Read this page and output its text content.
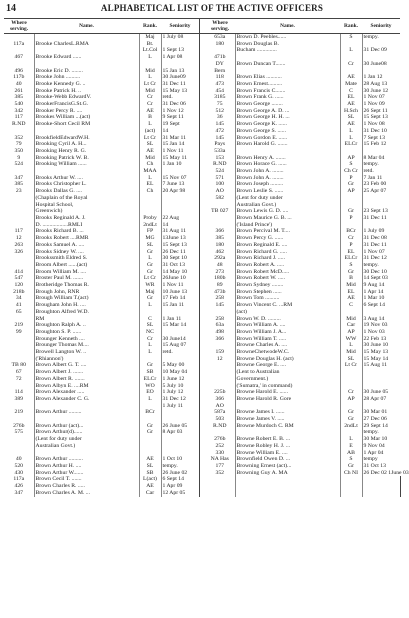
14	ALPHABETICAL LIST OF THE ACTIVE OFFICERS
Where serving.	Name.	Rank.	Seniority		Where serving.	Name.	Rank.	Seniority
		Maj	1 July 08		653a	Brown D. Peebles......	S	tempy.
117a	Brooke CharlesL.RMA	Bt.			180	Brown Douglas B.		
		Lt.Col	1 Sept 13			Bucham ..............	L	31 Dec 09
467	Brooke Edward ......	L	1 Apr 08		471b			
					DY	Brown Duncan T.......	Cr	30 June08
496	Brooke Eric D. ........	Mid	15 Jan 13		Bern			
117b	Brooke John ..........	L	30 June09		118	Brown Elias ...........	AE	1 Jan 12
40	Brooke Kennedy G. ..	Lt Cr	31 Dec 11		473	Brown Ernest..........	Mate	28 Aug 13
261	Brooke Patrick H. ..	Mid	15 May 13		454	Brown Francis C.......	C	30 June 12
385	Brooke-Webb EdwardV.	Cr	retd.		3185	Brown Frank G. ......	EL	1 Nov 07
540	BrookerFrancisG.St.G.	Cr	31 Dec 06		75	Brown George ........	AE	1 Nov 09
342	Brooker Percy R. ....	AE	1 Nov 12		512	Brown George A. D. ...	H.Sch	26 Sept 11
117	Brookes William ...(act)	B	9 Sept 11		36	Brown George H. H. ...	SL	15 Sept 13
R.ND	Brooke-Short Cecil RM	L	19 Sept		145	Brown George K. ......	AE	1 Nov 08
		(act)	14		472	Brown George S. ......	L	31 Dec 10
352	BrookfieldEdwardW.H.	Lt Cr	31 Mar 11		145	Brown Gordon E. ......	L	7 Sept 13
79	Brooking Cyril A. H...	SL	15 Jan 14		Pays	Brown Harold G. .......	ELCr	15 Feb 12
350	Brooking Henry R. G.	AE	1 Nov 11		533a			
9	Brooking Patrick W. B.	Mid	15 May 11		153	Brown Henry A. .......	AP	8 Mar 04
524	Brooking William ......	Ch	1 Jan 10		R.ND	Brown Horace G. ......	S	tempy.
		MAA			524	Brown John A. ........	Ch Cr	retd.
347	Brooks Arthur W. ....	L	15 Nov 07		571	Brown John A. ........	P	7 Jan 11
385	Brooks Christopher L.	EL	7 June 13		100	Brown Joseph .........	Gr	23 Feb 00
23	Brooks Dallas G. ....	Ch	20 Apr 98		AO	Brown Leslie S. ......	AP	25 Apr 07
	(Chaplain of the Royal				582	(Lent for duty under		
	Hospital School,					Australian Govt.)		
	Greenwich)				TB 027	Brown Lewis G. D. ....	Gr	23 Sept 13
	Brooks Reginald A. J.	Proby	22 Aug			Brown Maurice G. B. ...	P	31 Dec 11
	D. ..................RMLI	2ndLt	14			('Island Prince')		
117	Brooks Richard B. ...	FP	31 Aug 11		366	Brown Percival M. T....	BCr	1 July 09
12	Brooks Robert ....RMR	MG	13June 13		385	Brown Percy G. ......	Cr	31 Dec 08
263	Brooks Samuel A. ....	SL	15 Sept 13		180	Brown Reginald E. ....	P	31 Dec 11
326	Brooks Sidney W. ....	Gr	26 Dec 11		462	Brown Richard G. .....	EL	1 Nov 07
	Brookssmith Eldred S.	L	30 Sept 10		292a	Brown Richard J. .....	ELCr	31 Dec 12
	Broom Albert ......(act)	Gr	31 Oct 13		48	Brown Robert A. .....	S	tempy.
414	Broom William M. ....	Gr	14 May 10		273	Brown Robert McD.....	Gr	30 Dec 10
547	Broster Paul M. .......	Lt Cr	26June 10		180b	Brown Robert W. .....	B	14 Sept 03
120	Brotheridge Thomas R.	WR	1 Nov 11		89	Brown Sydney ........	Mid	9 Aug 14
218b	Brough John, RNR	Maj	10 June 13		473b	Brown Stephen ......	EL	1 Apr 14
34	Brough William T.(act)	Gr	17 Feb 14		258	Brown Tom ..........	AE	1 Mar 10
41	Brougham John H. ....	L	15 Jan 11		145	Brown Vincent C. ...RM	C	6 Sept 14
65	Broughton Alfred W.D.					(act)		
	RM	C	1 Jan 11		258	Brown W. D. .........	Mid	3 Aug 14
219	Broughton Ralph A. ..	SL	15 Mar 14		63a	Brown William A. ....	Car	19 Nov 03
99	Broughton S. P. ......	NC			498	Brown William J. A...	AP	1 Nov 03
	Brounger Kenneth ....	Cr	30 June14		366	Brown William T. .....	WW	22 Feb 13
	Brounger Thomas M....	L	15 Aug 07			Browne Charles A. ....	L	30 June 10
	Browell Langton W. ..	L	retd.		159	BrowneChetwodeW.C.	Mid	15 May 13
	('Rhiannon')				12	Browne Douglas H. (act)	SL	15 May 14
TB 80	Brown Albert G. T. ....	Gr	5 May 00			Browne George E. ....	Lt Cr	15 Aug 11
67	Brown Albert J. .......	SB	10 May 04			(Lent to Australian		
72	Brown Albert R. .......	ELCr	1 June 12			Government.)		
	Brown Albyn E. ....RM	WO	5 July 10			('Sumatra,' in command)		
114	Brown Alexander .....	EO	1 July 12		225b	Browne Harold E. ......	Cr	30 June 05
389	Brown Alexander C. G.	L	31 Dec 12		366	Browne Harold R. Gore	AP	28 Apr 07
			1 July 11		AO			
219	Brown Arthur .........	BCr			587a	Browne James I. ......	Gr	30 Mar 01
					503	Browne James V. .....	Gr	27 Dec 06
276b	Brown Arthur (act)...	Gr	26 June 05		R.ND	Browne Murdoch C. RM	2ndLt	29 Sept 14
575	Brown Arthur(d)......	Gr	8 Apr 03					tempy.
	(Lent for duty under				276b	Browne Robert E. B. ...	L	30 Mar 10
	Australian Govt.)				252	Browne Robley H. J. ...	E	9 Nov 04
					330	Browne William E. ....	AB	1 Apr 04
40	Brown Arthur ..........	AE	1 Oct 10		NA Has	Brownfield Owen D. ...	S	tempy
520	Brown Arthur H. ....	SL	tempy.		177	Browning Ernest (act)...	Gr	31 Oct 13
430	Brown Arthur W.......	SB	26 June 02		352	Browning Guy A. MA	Ch NI	26 Dec 02 1June 03
117a	Brown Cecil T. .......	L(act)	6 Sept 14					
426	Brown Charles R. .....	AE	1 Apr 09					
347	Brown Charles A. M. ...	Car	12 Apr 05					
